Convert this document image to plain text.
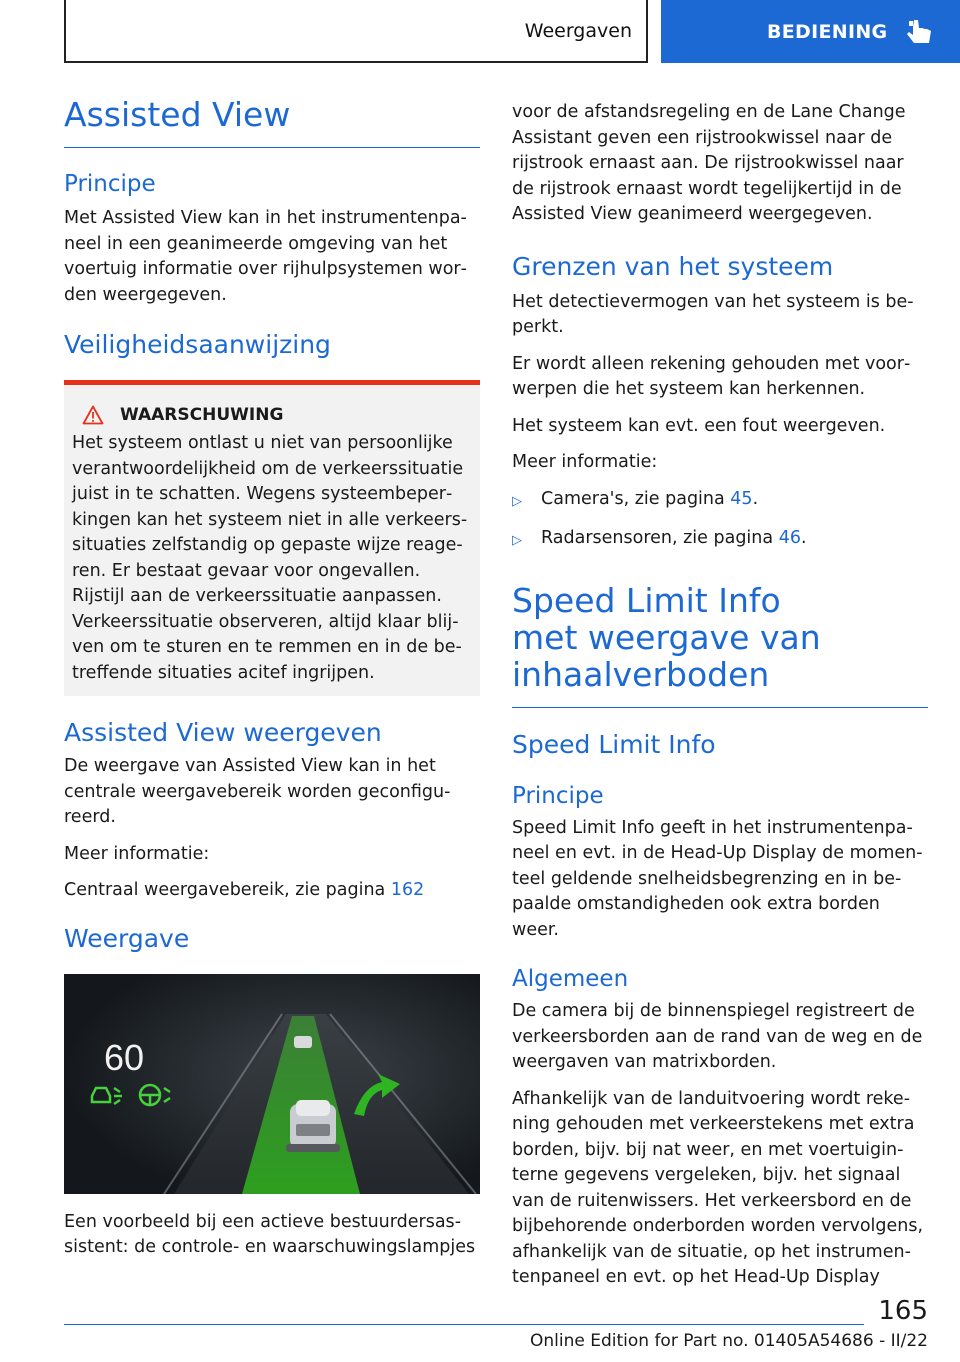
Weergaven	BEDIENING
Assisted View
Principe

Met Assisted View kan in het instrumentenpaneel in een geanimeerde omgeving van het voertuig informatie over rijhulpsystemen worden weergegeven.

Veiligheidsaanwijzing
WAARSCHUWING

Het systeem ontlast u niet van persoonlijke verantwoordelijkheid om de verkeerssituatie juist in te schatten. Wegens systeembeperkingen kan het systeem niet in alle verkeerssituaties zelfstandig op gepaste wijze reageren. Er bestaat gevaar voor ongevallen. Rijstijl aan de verkeerssituatie aanpassen. Verkeerssituatie observeren, altijd klaar blijven om te sturen en te remmen en in de betreffende situaties acitef ingrijpen.

Assisted View weergeven

De weergave van Assisted View kan in het centrale weergavebereik worden geconfigureerd.

Meer informatie:

Centraal weergavebereik, zie pagina 162

Weergave
60

Een voorbeeld bij een actieve bestuurdersassistent: de controle- en waarschuwingslampjes

voor de afstandsregeling en de Lane Change Assistant geven een rijstrookwissel naar de rijstrook ernaast aan. De rijstrookwissel naar de rijstrook ernaast wordt tegelijkertijd in de Assisted View geanimeerd weergegeven.

Grenzen van het systeem

Het detectievermogen van het systeem is beperkt.

Er wordt alleen rekening gehouden met voorwerpen die het systeem kan herkennen.

Het systeem kan evt. een fout weergeven.

Meer informatie:

▷	Camera's, zie pagina 45.
▷	Radarsensoren, zie pagina 46.
Speed Limit Info met weergave van inhaalverboden
Speed Limit Info
Principe

Speed Limit Info geeft in het instrumentenpaneel en evt. in de Head-Up Display de momenteel geldende snelheidsbegrenzing en in bepaalde omstandigheden ook extra borden weer.

Algemeen

De camera bij de binnenspiegel registreert de verkeersborden aan de rand van de weg en de weergaven van matrixborden.

Afhankelijk van de landuitvoering wordt rekening gehouden met verkeerstekens met extra borden, bijv. bij nat weer, en met voertuiginterne gegevens vergeleken, bijv. het signaal van de ruitenwissers. Het verkeersbord en de bijbehorende onderborden worden vervolgens, afhankelijk van de situatie, op het instrumentenpaneel en evt. op het Head-Up Display

165
Online Edition for Part no. 01405A54686 - II/22
